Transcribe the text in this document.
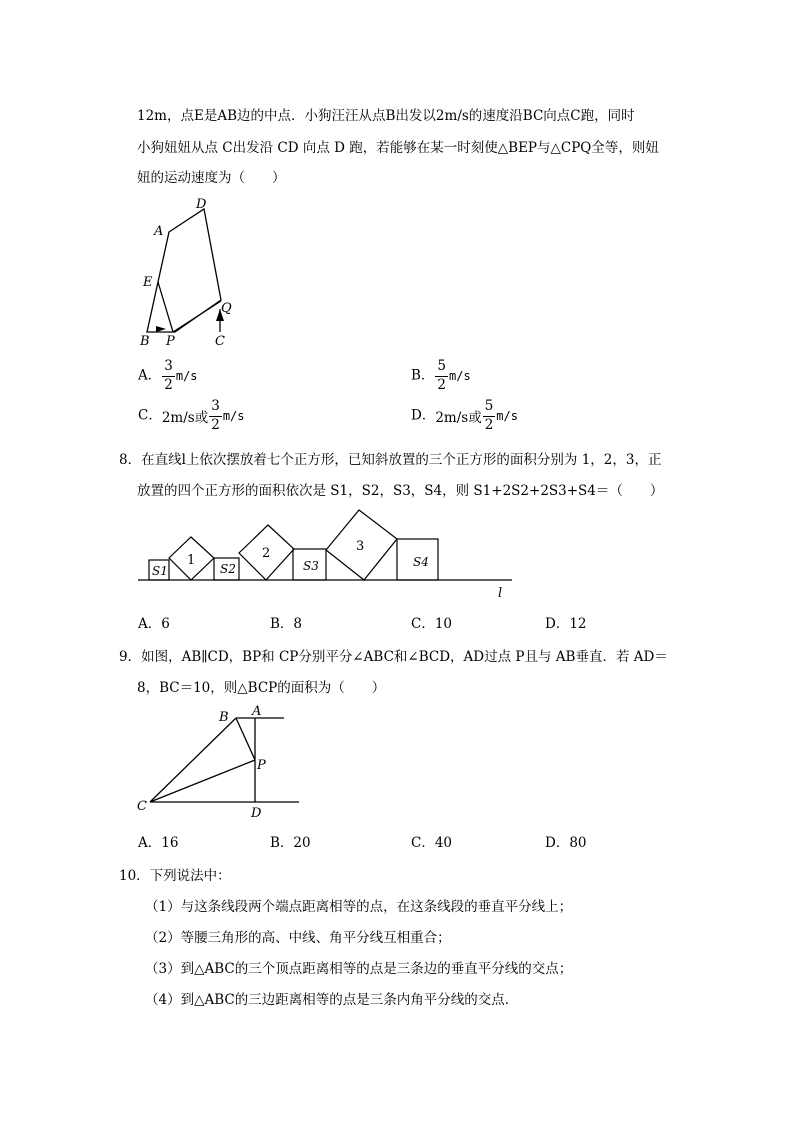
12m，点E是AB边的中点．小狗汪汪从点B出发以2m/s的速度沿BC向点C跑，同时
小狗妞妞从点 C出发沿 CD 向点 D 跑，若能够在某一时刻使△BEP与△CPQ全等，则妞
妞的运动速度为（　　）
A
D
E
Q
B P	C
A． $\frac{3}{2} m/s$	B． $\frac{5}{2} m/s$
C．2m/s或 $\frac{3}{2} m/s$	D．2m/s或 $\frac{5}{2} m/s$
8．在直线l上依次摆放着七个正方形，已知斜放置的三个正方形的面积分别为 1，2，3，正
放置的四个正方形的面积依次是 S1，S2，S3，S4，则 S1+2S2+2S3+S4＝（　　）
S1
1
S2
2
S3
3
S4
l
A．6	B．8	C．10	D．12
9．如图，AB∥CD，BP和 CP分别平分∠ABC和∠BCD，AD过点 P且与 AB垂直．若 AD＝
8，BC＝10，则△BCP的面积为（　　）
B A
P
C	D
A．16	B．20	C．40	D．80
10．下列说法中：
（1）与这条线段两个端点距离相等的点，在这条线段的垂直平分线上；
（2）等腰三角形的高、中线、角平分线互相重合；
（3）到△ABC的三个顶点距离相等的点是三条边的垂直平分线的交点；
（4）到△ABC的三边距离相等的点是三条内角平分线的交点．
